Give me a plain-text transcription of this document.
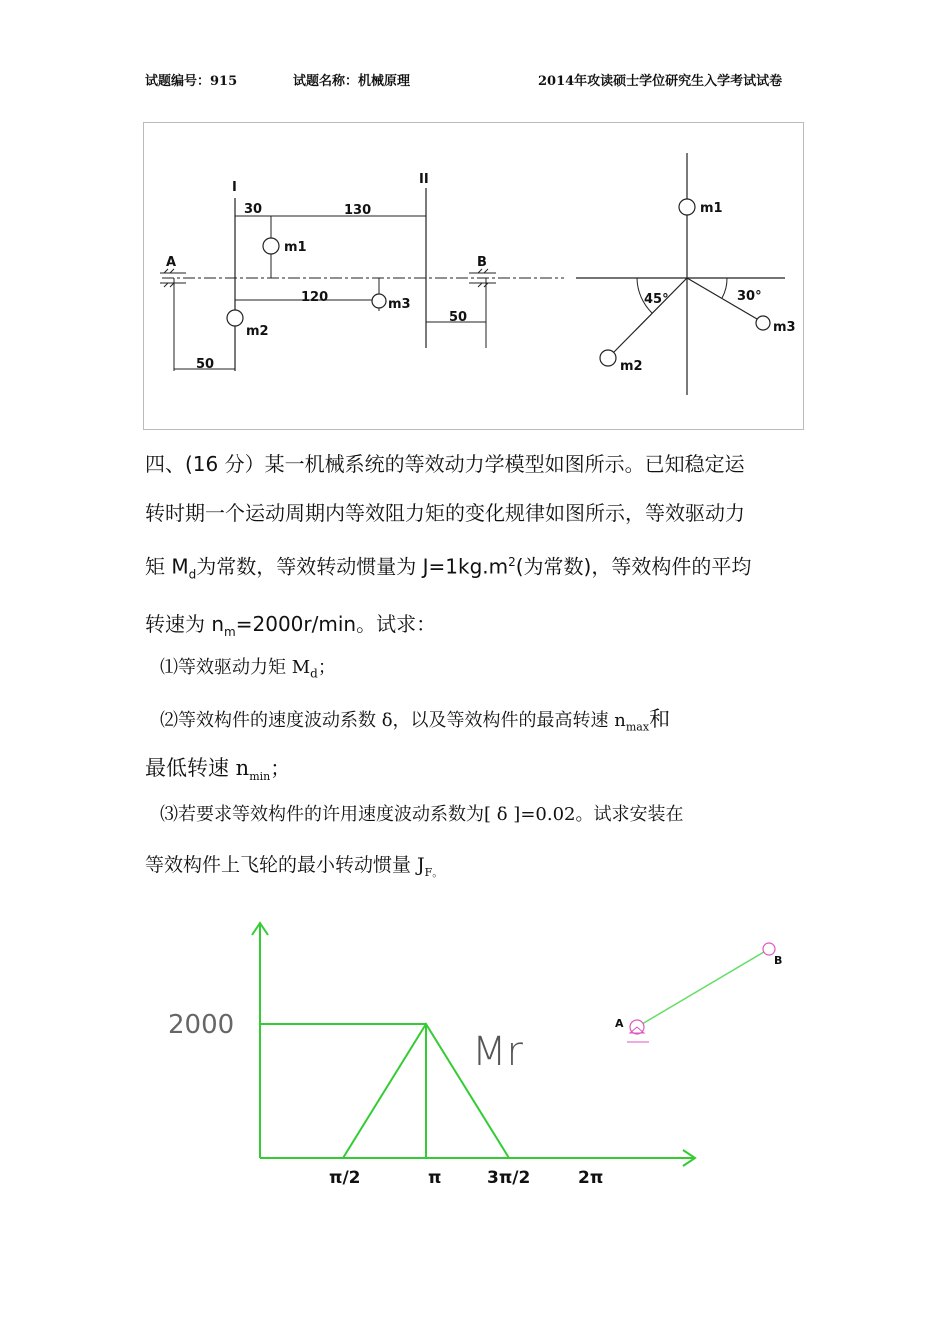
试题编号：915	试题名称：机械原理	2014年攻读硕士学位研究生入学考试试卷
I
II
30	130
m1
120	m3
m2
50
50
A	B
m1
m2
m3
45°	30°

四、(16 分）某一机械系统的等效动力学模型如图所示。已知稳定运

转时期一个运动周期内等效阻力矩的变化规律如图所示，等效驱动力

矩 $M_d$为常数，等效转动惯量为 $J=1kg.m^2$(为常数)，等效构件的平均

转速为 $n_m=2000r/\min$。试求：

⑴等效驱动力矩 $M_d$；
⑵等效构件的速度波动系数 δ，以及等效构件的最高转速 $n_{max}$和
最低转速 $n_{min}$；
⑶若要求等效构件的许用速度波动系数为[ δ ]=0.02。试求安装在
等效构件上飞轮的最小转动惯量 $J_{F。}$
2000
Mr
π/2	π	3π/2	2π
A
B
